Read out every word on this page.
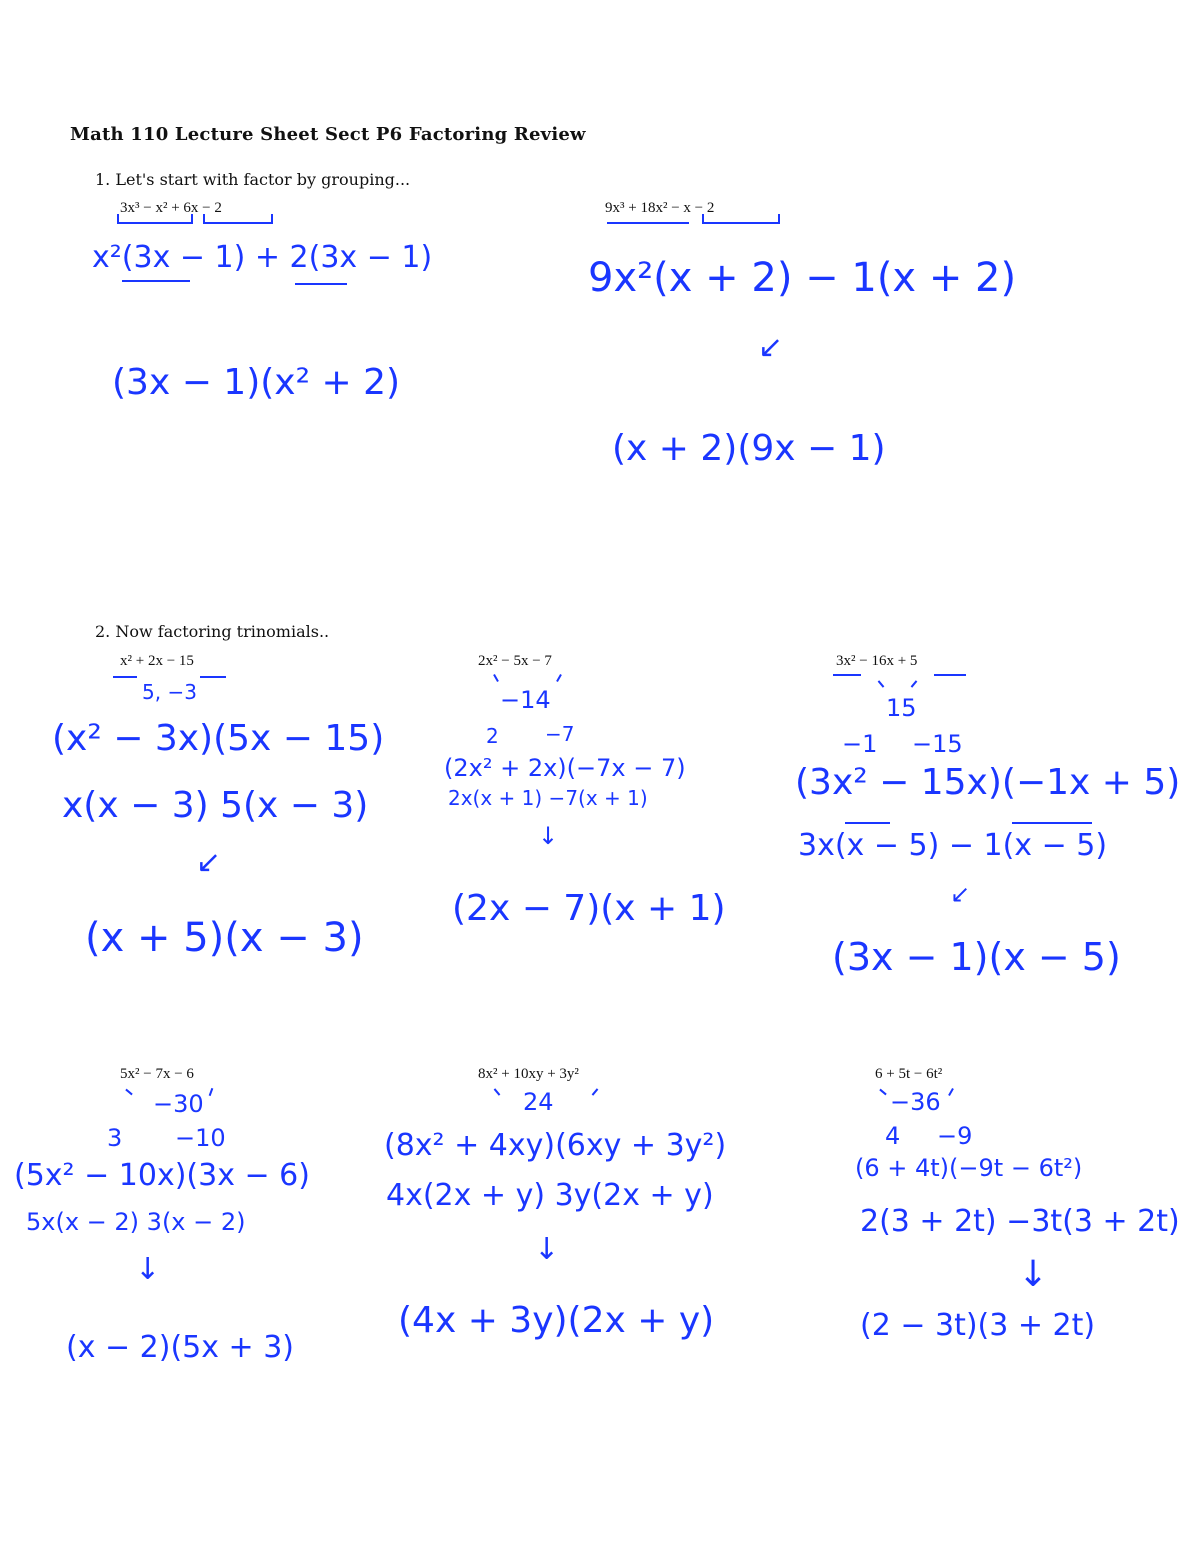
Math 110 Lecture Sheet Sect P6 Factoring Review
1. Let's start with factor by grouping...
3x³ − x² + 6x − 2
x²(3x − 1) + 2(3x − 1)
(3x − 1)(x² + 2)
9x³ + 18x² − x − 2
9x²(x + 2) − 1(x + 2)
↙
(x + 2)(9x − 1)
2. Now factoring trinomials..
x² + 2x − 15
5, −3
(x² − 3x)(5x − 15)
x(x − 3) 5(x − 3)
↙
(x + 5)(x − 3)
2x² − 5x − 7
−14
2 −7
(2x² + 2x)(−7x − 7)
2x(x + 1) −7(x + 1)
↓
(2x − 7)(x + 1)
3x² − 16x + 5
15
−1 −15
(3x² − 15x)(−1x + 5)
3x(x − 5) − 1(x − 5)
↙
(3x − 1)(x − 5)
5x² − 7x − 6
−30
3 −10
(5x² − 10x)(3x − 6)
5x(x − 2) 3(x − 2)
↓
(x − 2)(5x + 3)
8x² + 10xy + 3y²
24
(8x² + 4xy)(6xy + 3y²)
4x(2x + y) 3y(2x + y)
↓
(4x + 3y)(2x + y)
6 + 5t − 6t²
−36
4 −9
(6 + 4t)(−9t − 6t²)
2(3 + 2t) −3t(3 + 2t)
↓
(2 − 3t)(3 + 2t)
